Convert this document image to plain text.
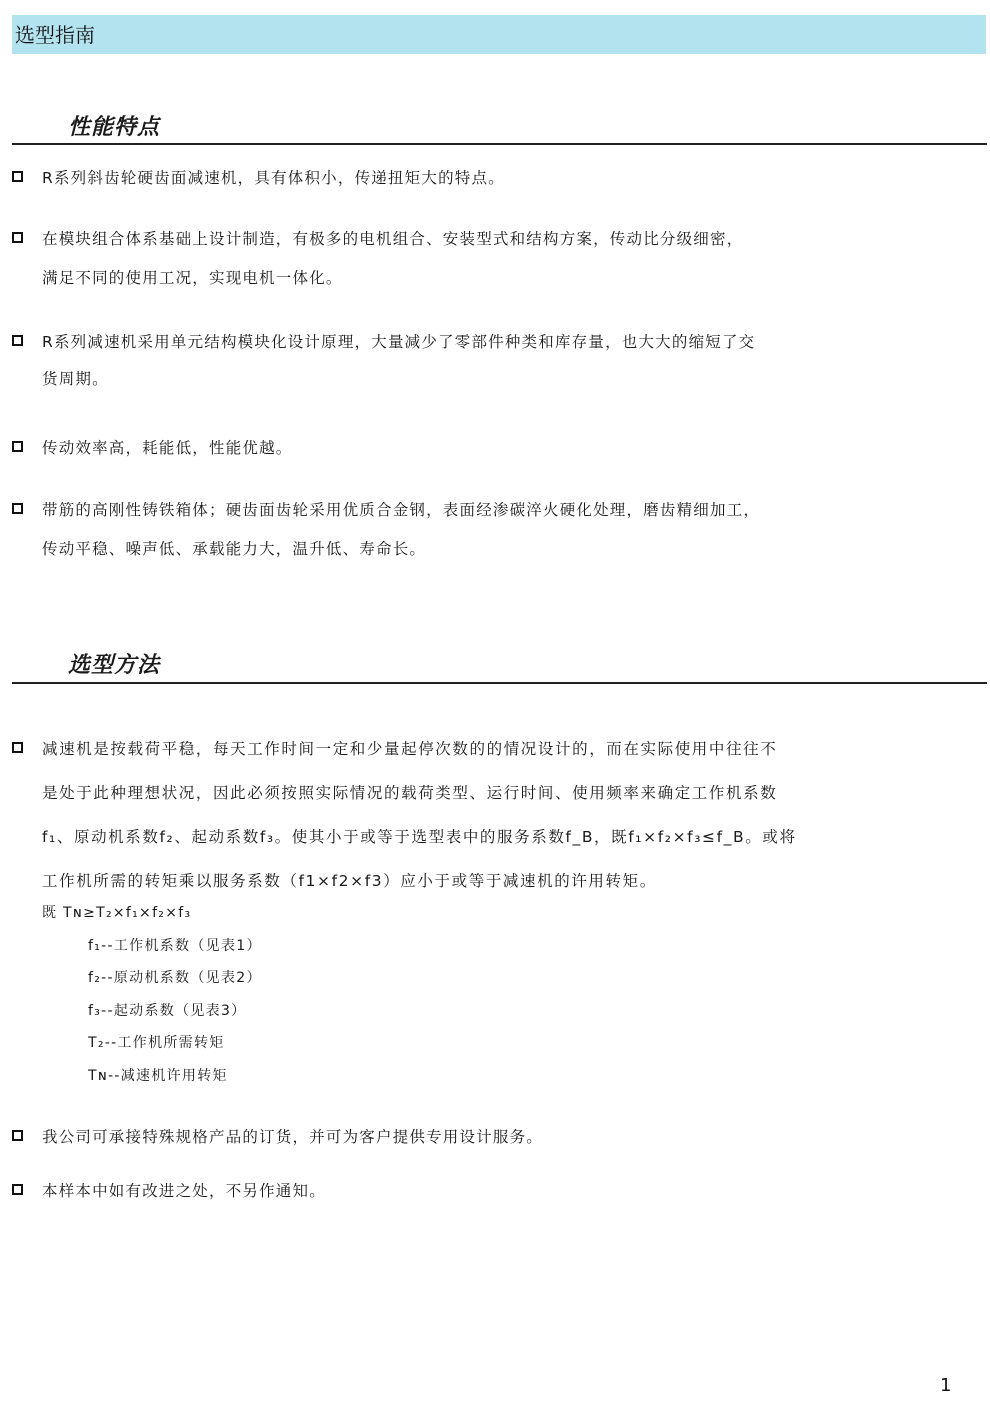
选型指南
性能特点
R系列斜齿轮硬齿面减速机，具有体积小，传递扭矩大的特点。
在模块组合体系基础上设计制造，有极多的电机组合、安装型式和结构方案，传动比分级细密，
满足不同的使用工况，实现电机一体化。
R系列减速机采用单元结构模块化设计原理，大量减少了零部件种类和库存量，也大大的缩短了交
货周期。
传动效率高，耗能低，性能优越。
带筋的高刚性铸铁箱体；硬齿面齿轮采用优质合金钢，表面经渗碳淬火硬化处理，磨齿精细加工，
传动平稳、噪声低、承载能力大，温升低、寿命长。
选型方法
减速机是按载荷平稳，每天工作时间一定和少量起停次数的的情况设计的，而在实际使用中往往不
是处于此种理想状况，因此必须按照实际情况的载荷类型、运行时间、使用频率来确定工作机系数
f₁、原动机系数f₂、起动系数f₃。使其小于或等于选型表中的服务系数f_B，既f₁×f₂×f₃≤f_B。或将
工作机所需的转矩乘以服务系数（f1×f2×f3）应小于或等于减速机的许用转矩。
既 Tɴ≥T₂×f₁×f₂×f₃
f₁--工作机系数（见表1）
f₂--原动机系数（见表2）
f₃--起动系数（见表3）
T₂--工作机所需转矩
Tɴ--减速机许用转矩
我公司可承接特殊规格产品的订货，并可为客户提供专用设计服务。
本样本中如有改进之处，不另作通知。
1
